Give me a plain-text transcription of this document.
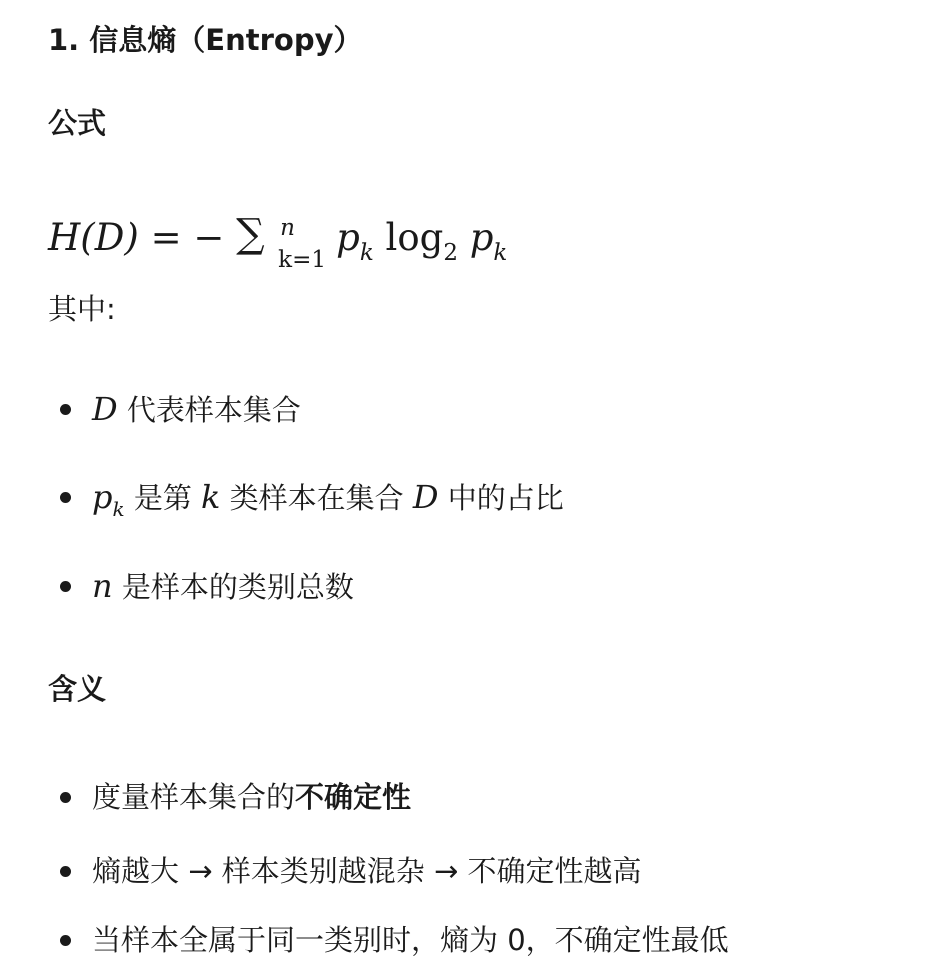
1. 信息熵（Entropy）
公式
H(D) = − ∑ n
k=1
$p_k$ $\log_2 p_k$
其中:
D 代表样本集合
$p_k$ 是第 k 类样本在集合 D 中的占比
n 是样本的类别总数
含义
度量样本集合的不确定性
熵越大 → 样本类别越混杂 → 不确定性越高
当样本全属于同一类别时，熵为 0，不确定性最低
